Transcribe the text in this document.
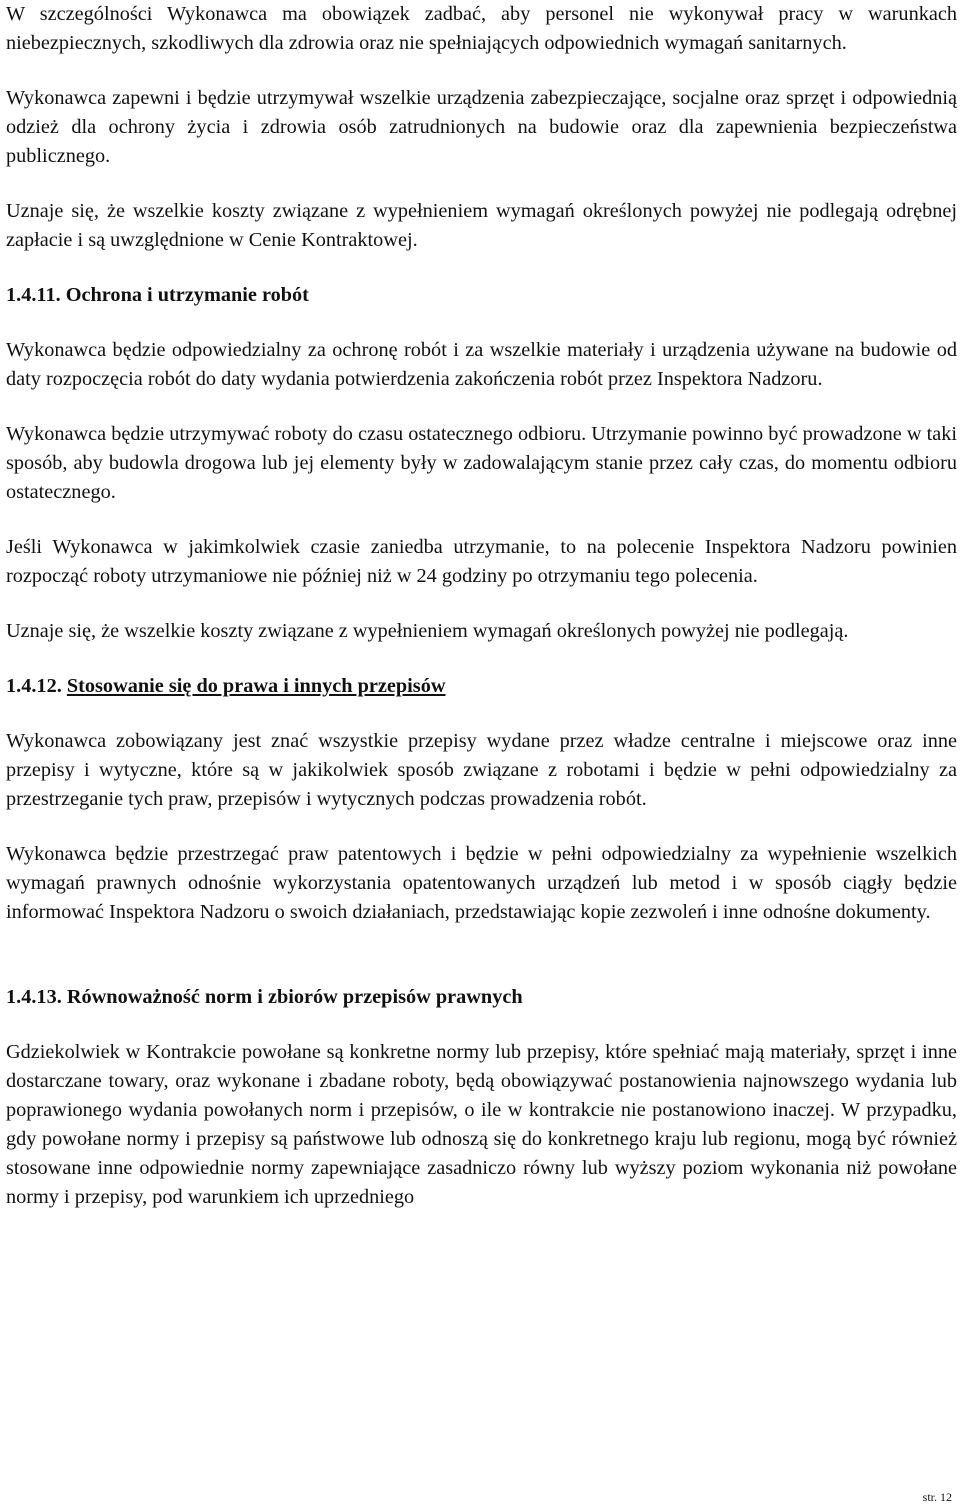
W szczególności Wykonawca ma obowiązek zadbać, aby personel nie wykonywał pracy w warunkach niebezpiecznych, szkodliwych dla zdrowia oraz nie spełniających odpowiednich wymagań sanitarnych.

Wykonawca zapewni i będzie utrzymywał wszelkie urządzenia zabezpieczające, socjalne oraz sprzęt i odpowiednią odzież dla ochrony życia i zdrowia osób zatrudnionych na budowie oraz dla zapewnienia bezpieczeństwa publicznego.

Uznaje się, że wszelkie koszty związane z wypełnieniem wymagań określonych powyżej nie podlegają odrębnej zapłacie i są uwzględnione w Cenie Kontraktowej.

1.4.11. Ochrona i utrzymanie robót

Wykonawca będzie odpowiedzialny za ochronę robót i za wszelkie materiały i urządzenia używane na budowie od daty rozpoczęcia robót do daty wydania potwierdzenia zakończenia robót przez Inspektora Nadzoru.

Wykonawca będzie utrzymywać roboty do czasu ostatecznego odbioru. Utrzymanie powinno być prowadzone w taki sposób, aby budowla drogowa lub jej elementy były w zadowalającym stanie przez cały czas, do momentu odbioru ostatecznego.

Jeśli Wykonawca w jakimkolwiek czasie zaniedba utrzymanie, to na polecenie Inspektora Nadzoru powinien rozpocząć roboty utrzymaniowe nie później niż w 24 godziny po otrzymaniu tego polecenia.

Uznaje się, że wszelkie koszty związane z wypełnieniem wymagań określonych powyżej nie podlegają.

1.4.12. Stosowanie się do prawa i innych przepisów

Wykonawca zobowiązany jest znać wszystkie przepisy wydane przez władze centralne i miejscowe oraz inne przepisy i wytyczne, które są w jakikolwiek sposób związane z robotami i będzie w pełni odpowiedzialny za przestrzeganie tych praw, przepisów i wytycznych podczas prowadzenia robót.

Wykonawca będzie przestrzegać praw patentowych i będzie w pełni odpowiedzialny za wypełnienie wszelkich wymagań prawnych odnośnie wykorzystania opatentowanych urządzeń lub metod i w sposób ciągły będzie informować Inspektora Nadzoru o swoich działaniach, przedstawiając kopie zezwoleń i inne odnośne dokumenty.

1.4.13. Równoważność norm i zbiorów przepisów prawnych

Gdziekolwiek w Kontrakcie powołane są konkretne normy lub przepisy, które spełniać mają materiały, sprzęt i inne dostarczane towary, oraz wykonane i zbadane roboty, będą obowiązywać postanowienia najnowszego wydania lub poprawionego wydania powołanych norm i przepisów, o ile w kontrakcie nie postanowiono inaczej. W przypadku, gdy powołane normy i przepisy są państwowe lub odnoszą się do konkretnego kraju lub regionu, mogą być również stosowane inne odpowiednie normy zapewniające zasadniczo równy lub wyższy poziom wykonania niż powołane normy i przepisy, pod warunkiem ich uprzedniego

str. 12
